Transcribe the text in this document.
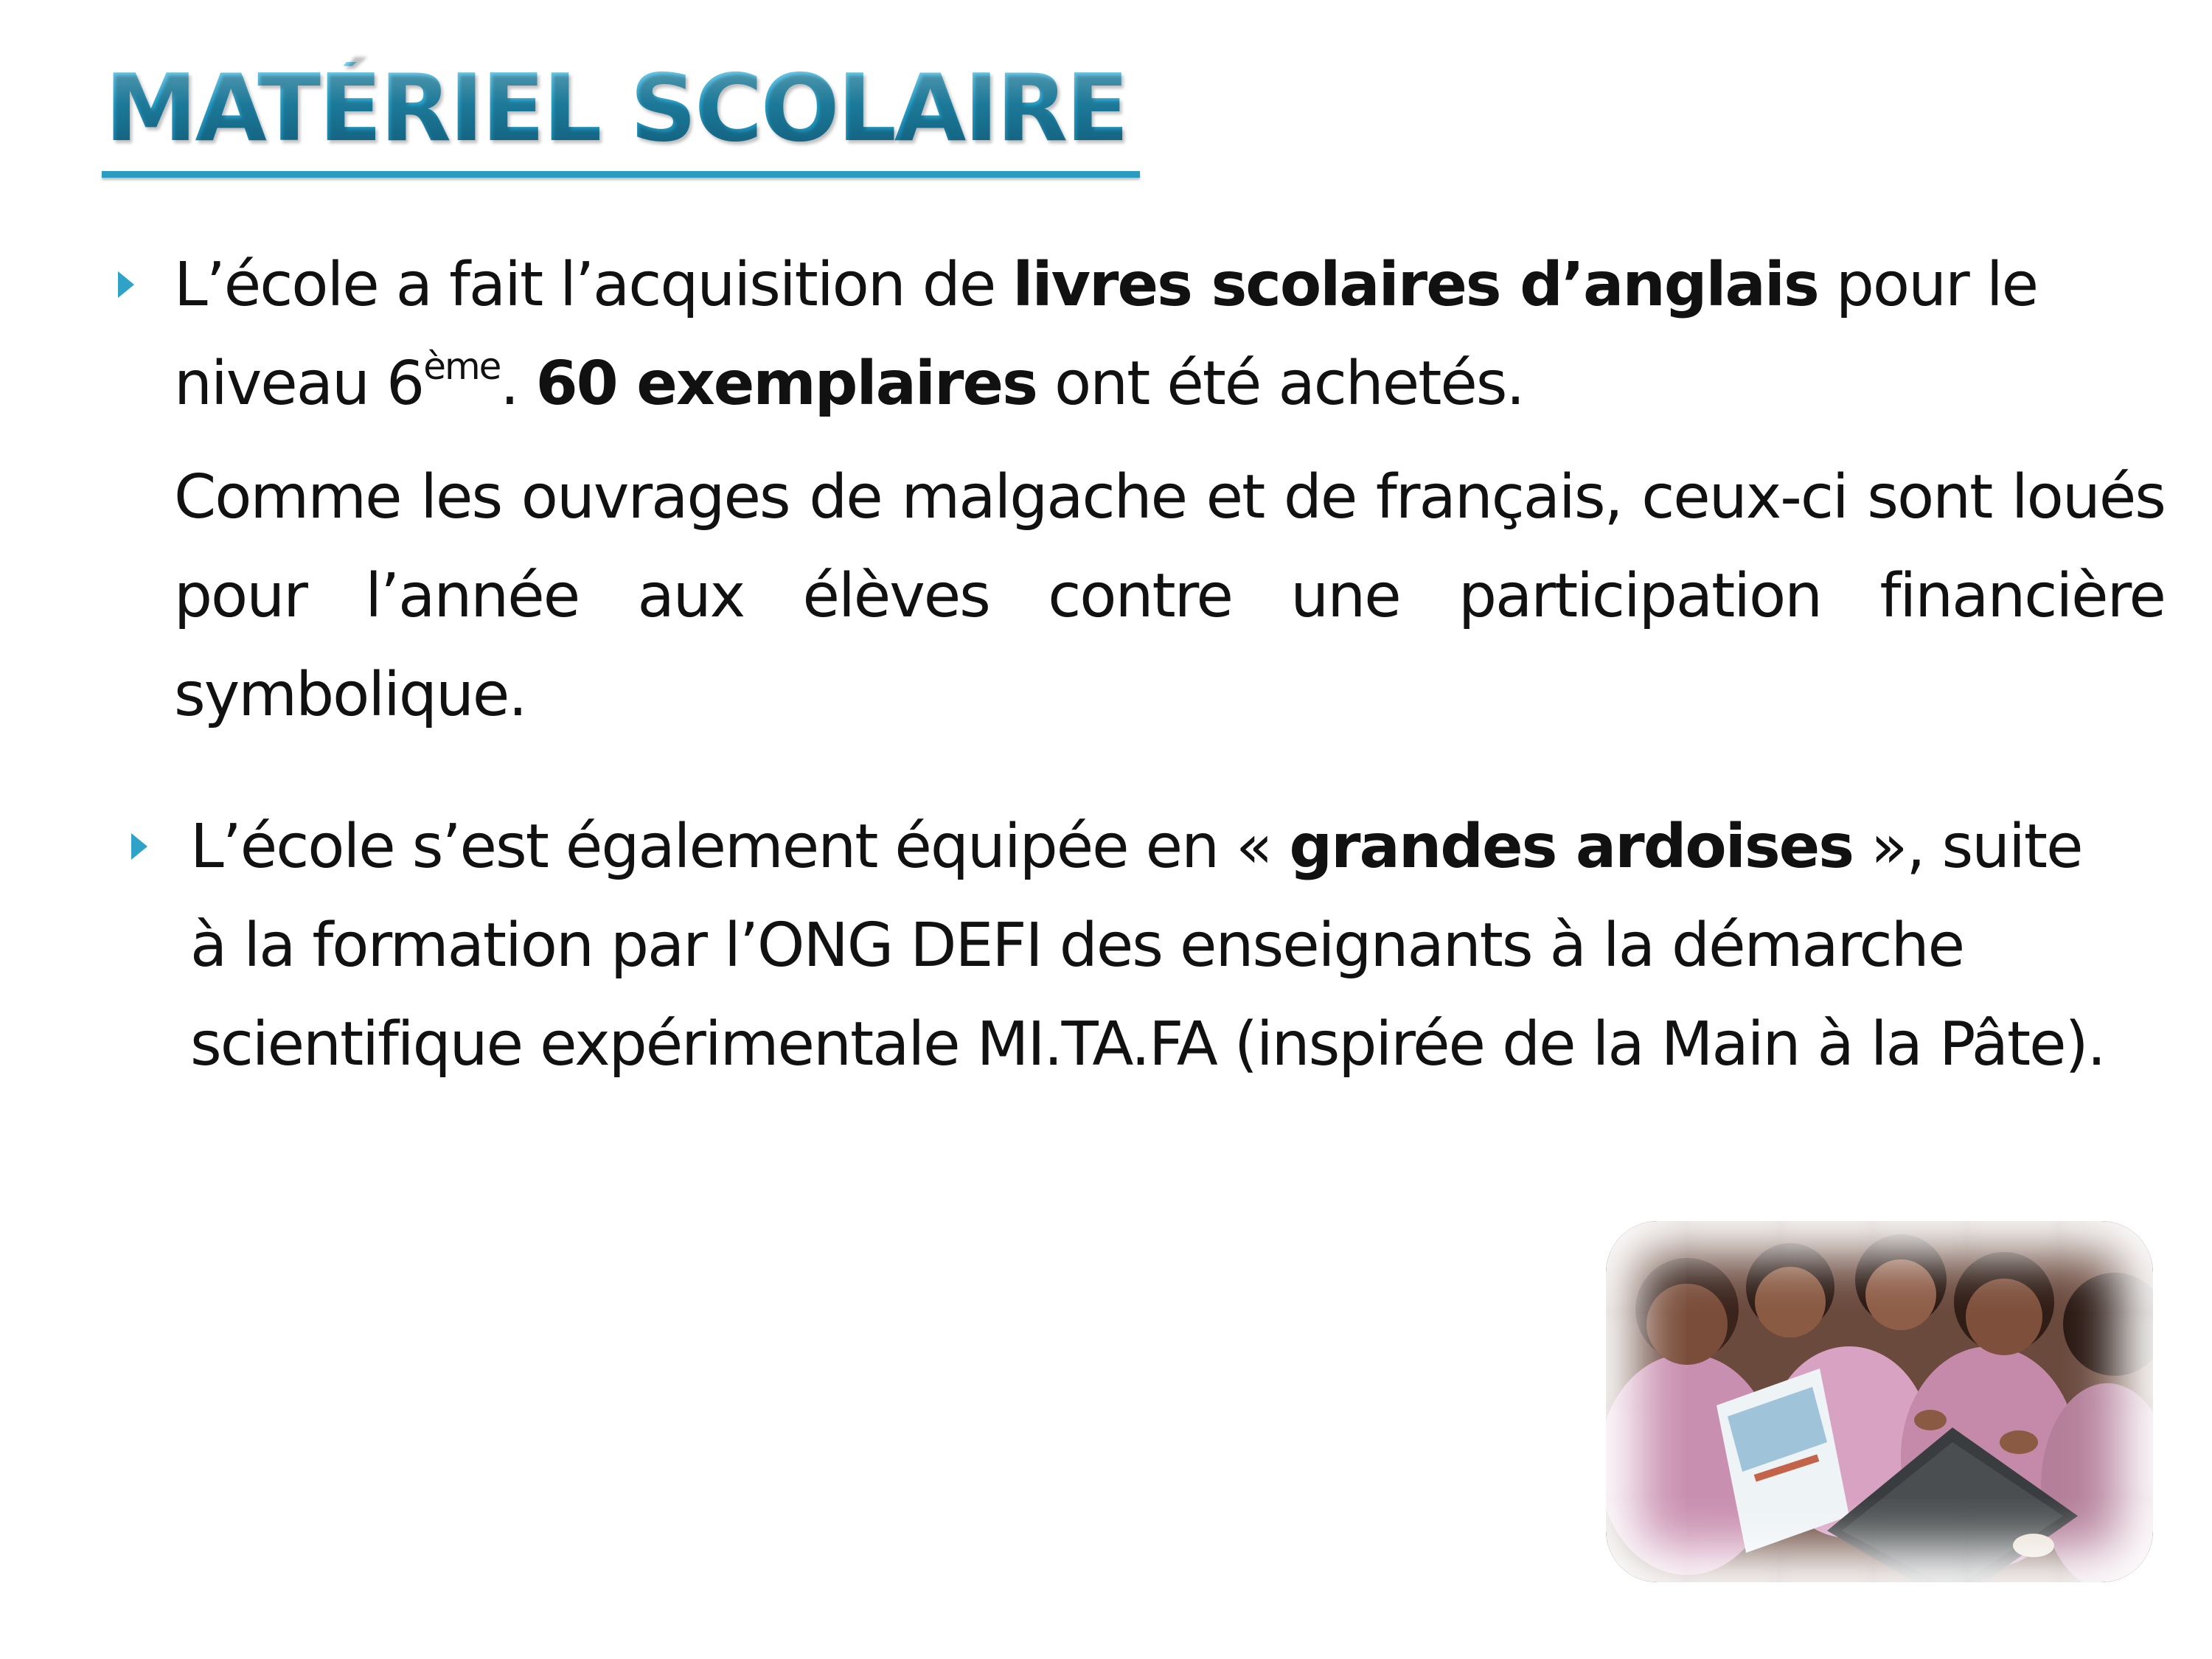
MATÉRIEL SCOLAIRE
L’école a fait l’acquisition de livres scolaires d’anglais pour le niveau 6ème. 60 exemplaires ont été achetés.
Comme les ouvrages de malgache et de français, ceux-ci sont loués pour l’année aux élèves contre une participation financière symbolique.
L’école s’est également équipée en « grandes ardoises », suite à la formation par l’ONG DEFI des enseignants à la démarche scientifique expérimentale MI.TA.FA (inspirée de la Main à la Pâte).
